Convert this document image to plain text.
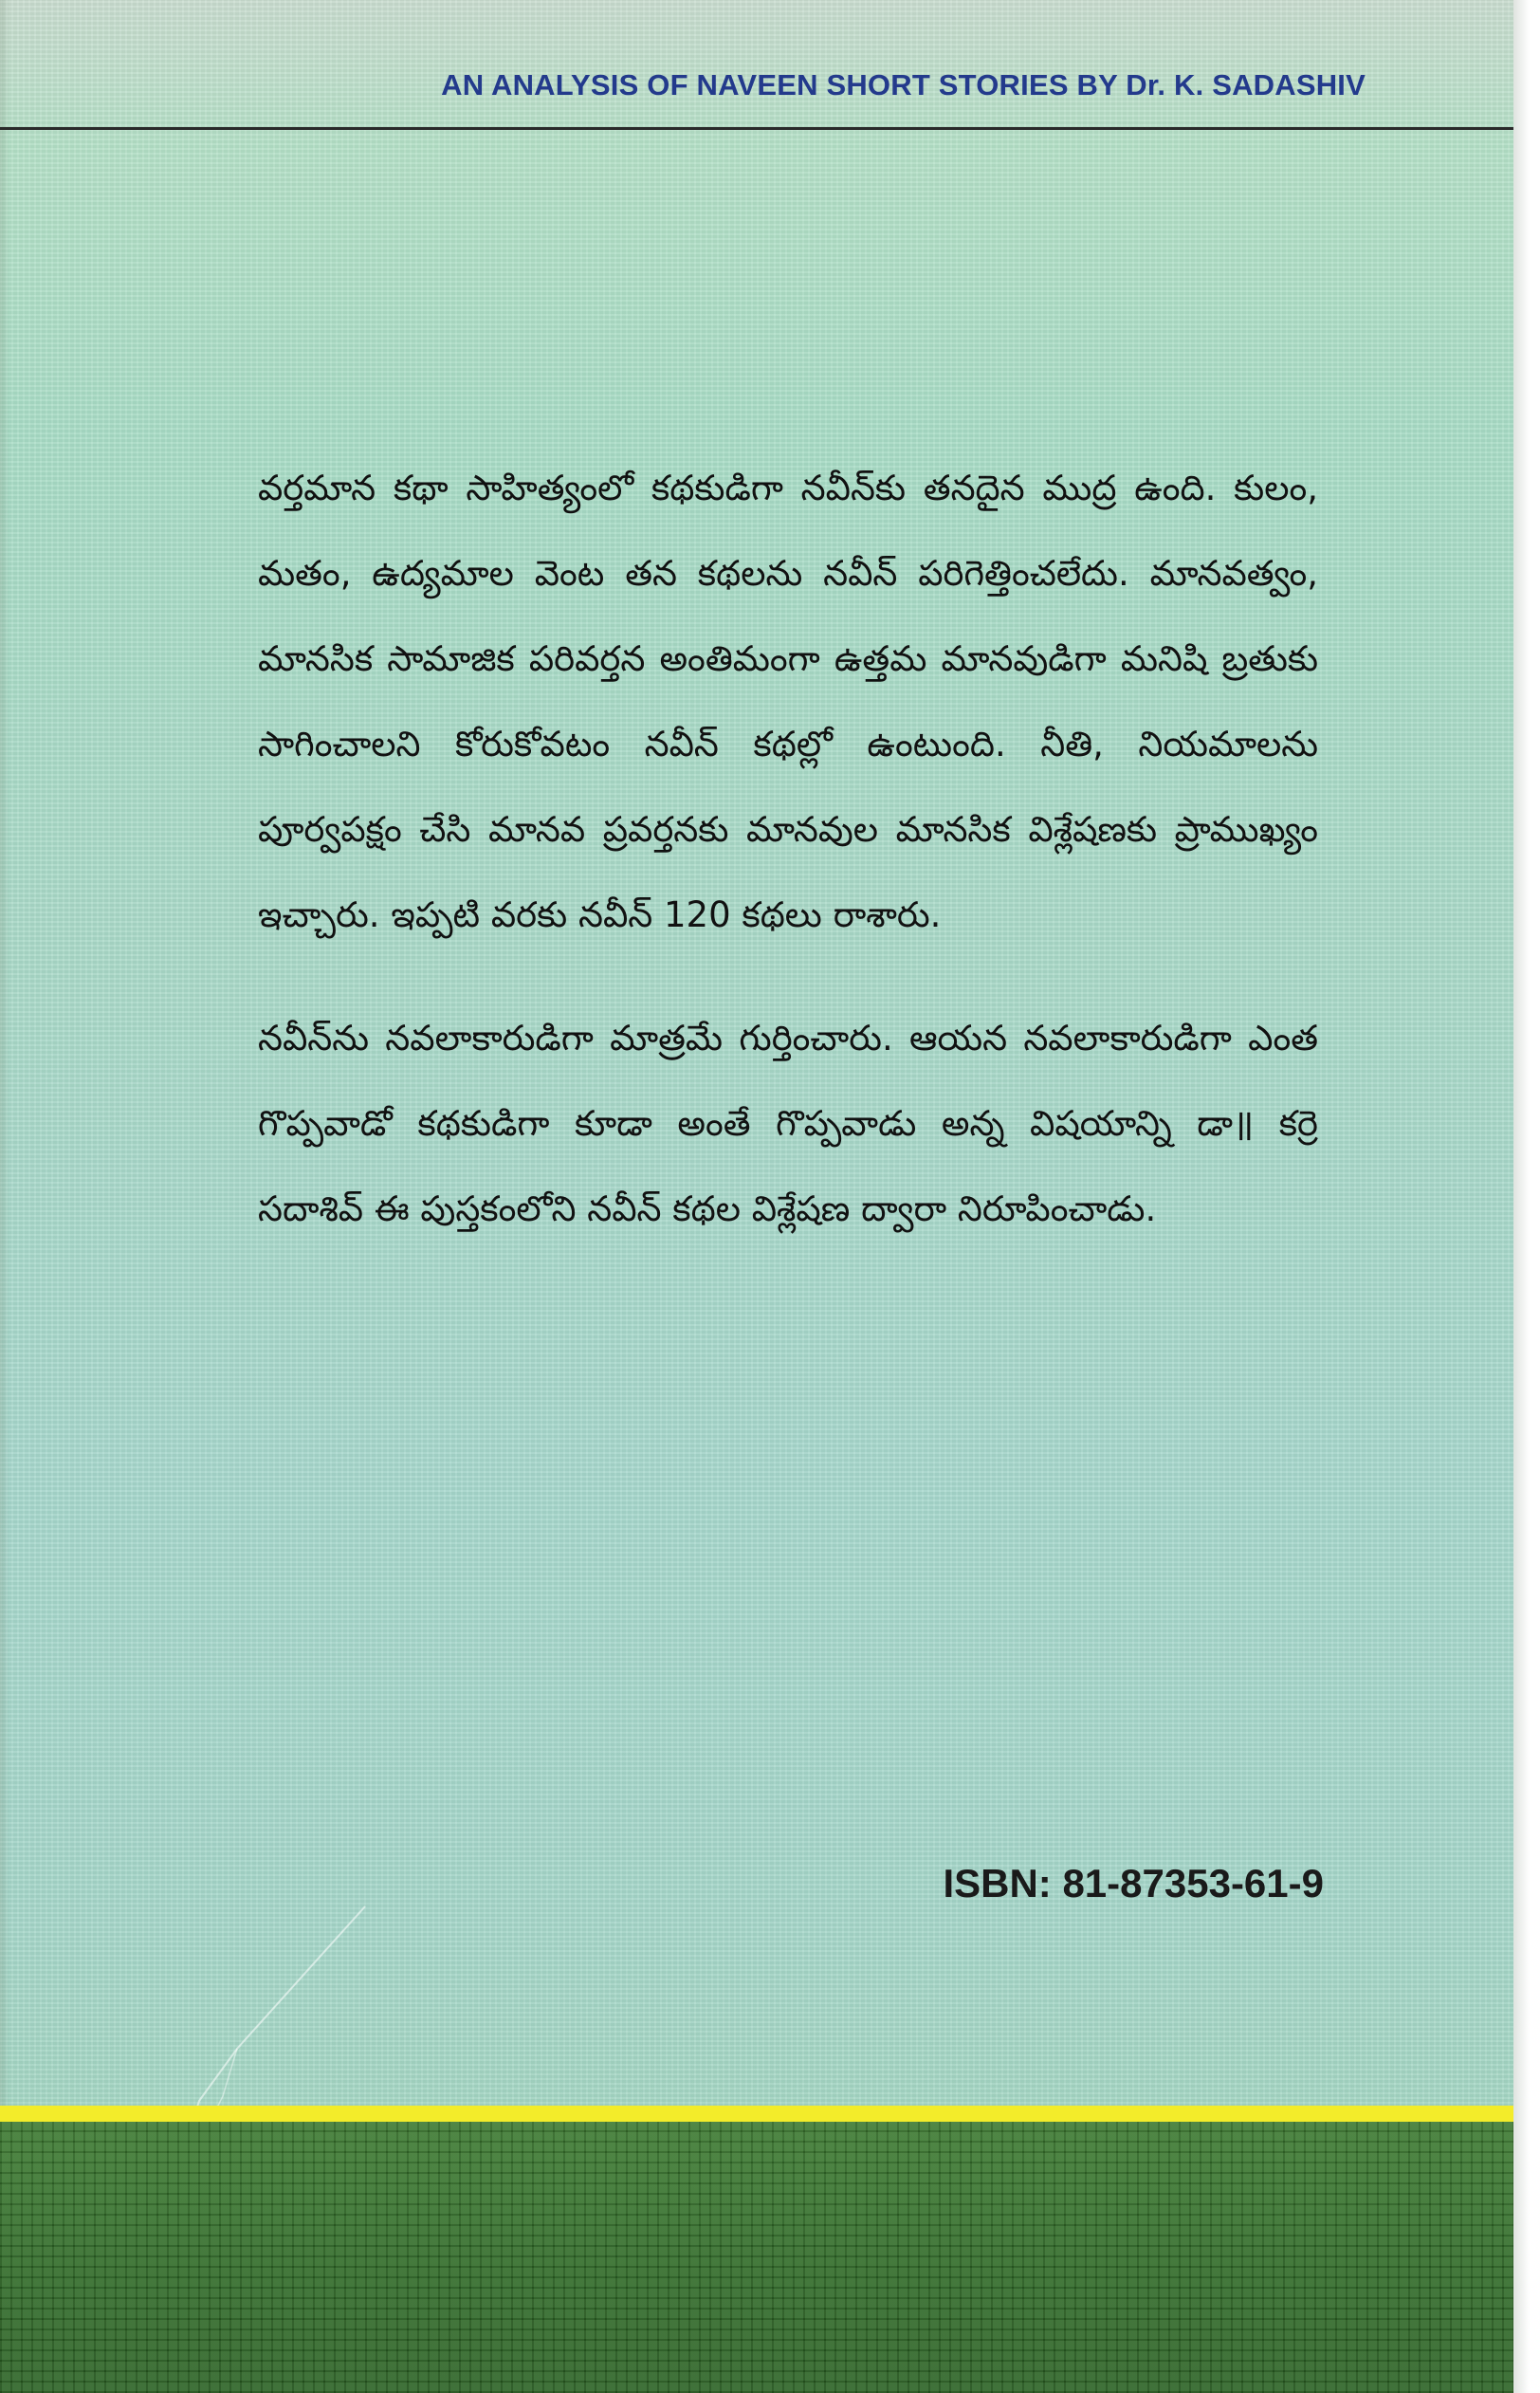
AN ANALYSIS OF NAVEEN SHORT STORIES BY Dr. K. SADASHIV

వర్తమాన కథా సాహిత్యంలో కథకుడిగా నవీన్‌కు తనదైన ముద్ర ఉంది. కులం, మతం, ఉద్యమాల వెంట తన కథలను నవీన్ పరిగెత్తించలేదు. మానవత్వం, మానసిక సామాజిక పరివర్తన అంతిమంగా ఉత్తమ మానవుడిగా మనిషి బ్రతుకు సాగించాలని కోరుకోవటం నవీన్ కథల్లో ఉంటుంది. నీతి, నియమాలను పూర్వపక్షం చేసి మానవ ప్రవర్తనకు మానవుల మానసిక విశ్లేషణకు ప్రాముఖ్యం ఇచ్చారు. ఇప్పటి వరకు నవీన్ 120 కథలు రాశారు.

నవీన్‌ను నవలాకారుడిగా మాత్రమే గుర్తించారు. ఆయన నవలాకారుడిగా ఎంత గొప్పవాడో కథకుడిగా కూడా అంతే గొప్పవాడు అన్న విషయాన్ని డా॥ కర్రె సదాశివ్ ఈ పుస్తకంలోని నవీన్ కథల విశ్లేషణ ద్వారా నిరూపించాడు.

ISBN: 81-87353-61-9
